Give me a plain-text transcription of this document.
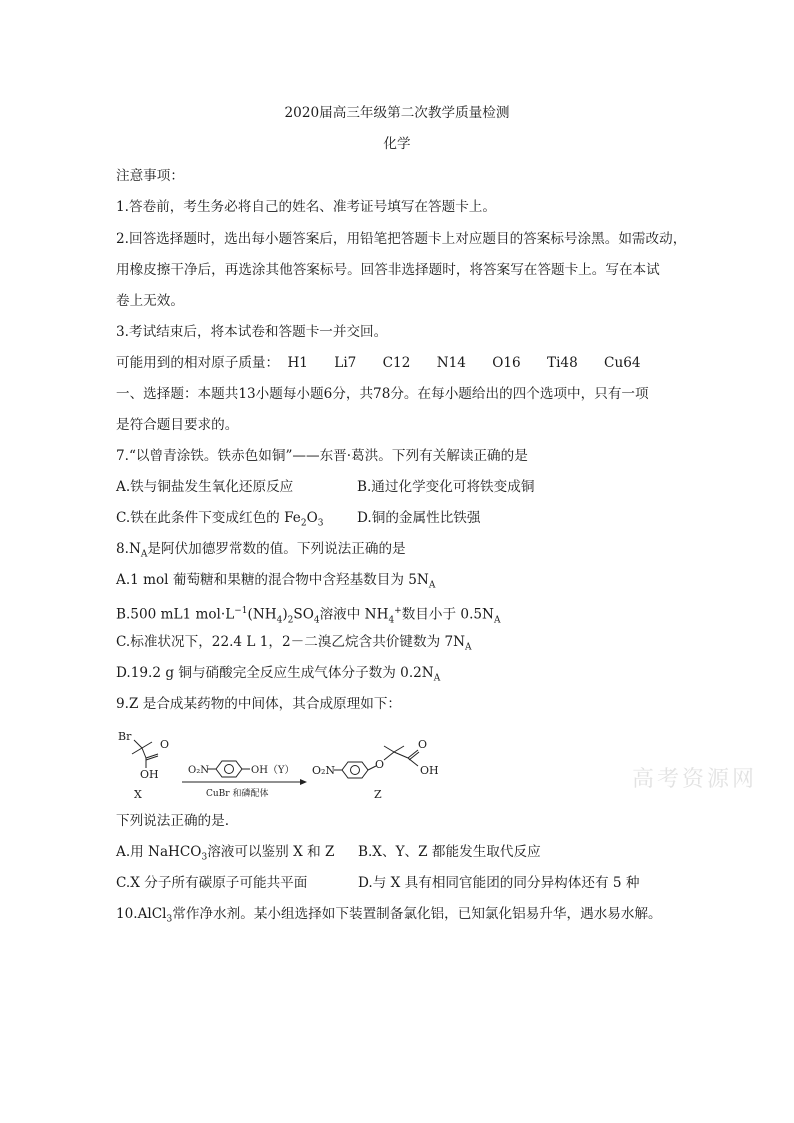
2020届高三年级第二次教学质量检测
化学
注意事项：
1.答卷前，考生务必将自己的姓名、准考证号填写在答题卡上。
2.回答选择题时，选出每小题答案后，用铅笔把答题卡上对应题目的答案标号涂黑。如需改动，
用橡皮擦干净后，再选涂其他答案标号。回答非选择题时，将答案写在答题卡上。写在本试
卷上无效。
3.考试结束后，将本试卷和答题卡一并交回。
可能用到的相对原子质量： H1 Li7 C12 N14 O16 Ti48 Cu64
一、选择题：本题共13小题每小题6分，共78分。在每小题给出的四个选项中，只有一项
是符合题目要求的。
7.“以曾青涂铁。铁赤色如铜”——东晋·葛洪。下列有关解读正确的是
A.铁与铜盐发生氧化还原反应	B.通过化学变化可将铁变成铜
C.铁在此条件下变成红色的 $Fe_2O_3$ D.铜的金属性比铁强
$8.N_A$是阿伏加德罗常数的值。下列说法正确的是
A.1 mol 葡萄糖和果糖的混合物中含羟基数目为 $5N_A$
B.500 mL1 $mol\cdot L^{-1}(NH_4)_2SO_4$溶液中 $NH_4^+$数目小于 $0.5N_A$
C.标准状况下，22.4 L 1，2－二溴乙烷含共价键数为 $7N_A$
D.19.2 g 铜与硝酸完全反应生成气体分子数为 $0.2N_A$
9.Z 是合成某药物的中间体，其合成原理如下：
Br
O
OH
X
O₂N	OH（Y）
CuBr 和磷配体
O₂N	O
O
OH
Z
高考资源网
下列说法正确的是.
A.用 NaHCO$_3$溶液可以鉴别 X 和 Z B.X、Y、Z 都能发生取代反应
C.X 分子所有碳原子可能共平面	D.与 X 具有相同官能团的同分异构体还有 5 种
10.AlCl$_3$常作净水剂。某小组选择如下装置制备氯化铝，已知氯化铝易升华，遇水易水解。
